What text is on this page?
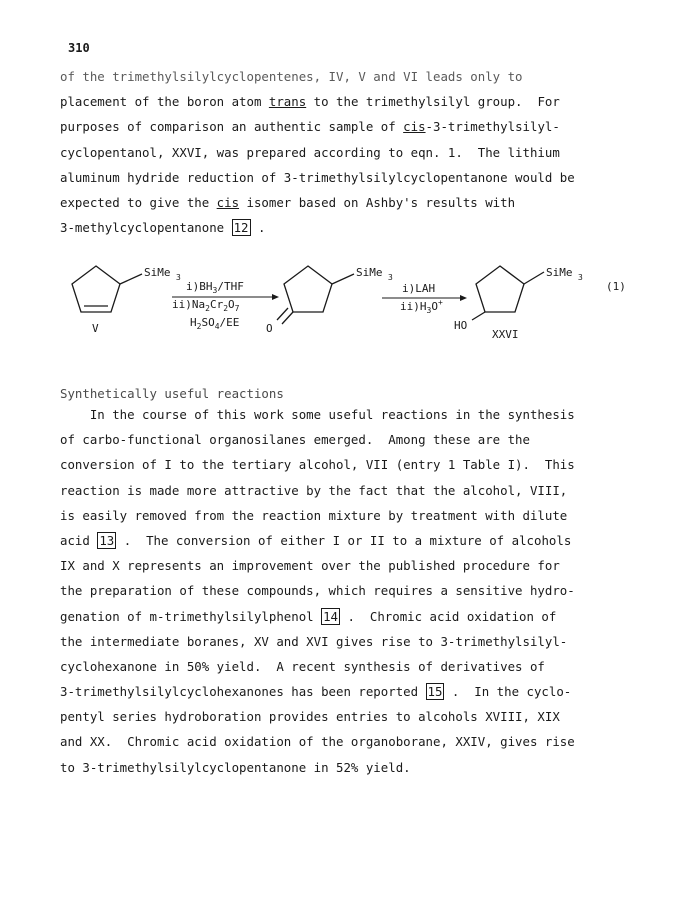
310
of the trimethylsilylcyclopentenes, IV, V and VI leads only to
placement of the boron atom trans to the trimethylsilyl group.  For
purposes of comparison an authentic sample of cis-3-trimethylsilyl-
cyclopentanol, XXVI, was prepared according to eqn. 1.  The lithium
aluminum hydride reduction of 3-trimethylsilylcyclopentanone would be
expected to give the cis isomer based on Ashby's results with
3-methylcyclopentanone 12 .
SiMe 3
V
$i)BH_3$/THF
$ii)Na_2Cr_2O_7$
$H_2SO_4/EE$
SiMe 3
O
i)LAH
$ii)H_3O^+$
SiMe 3
HO
XXVI
(1)
Synthetically useful reactions
In the course of this work some useful reactions in the synthesis
of carbo-functional organosilanes emerged.  Among these are the
conversion of I to the tertiary alcohol, VII (entry 1 Table I).  This
reaction is made more attractive by the fact that the alcohol, VIII,
is easily removed from the reaction mixture by treatment with dilute
acid 13 .  The conversion of either I or II to a mixture of alcohols
IX and X represents an improvement over the published procedure for
the preparation of these compounds, which requires a sensitive hydro-
genation of m-trimethylsilylphenol 14 .  Chromic acid oxidation of
the intermediate boranes, XV and XVI gives rise to 3-trimethylsilyl-
cyclohexanone in 50% yield.  A recent synthesis of derivatives of
3-trimethylsilylcyclohexanones has been reported 15 .  In the cyclo-
pentyl series hydroboration provides entries to alcohols XVIII, XIX
and XX.  Chromic acid oxidation of the organoborane, XXIV, gives rise
to 3-trimethylsilylcyclopentanone in 52% yield.
